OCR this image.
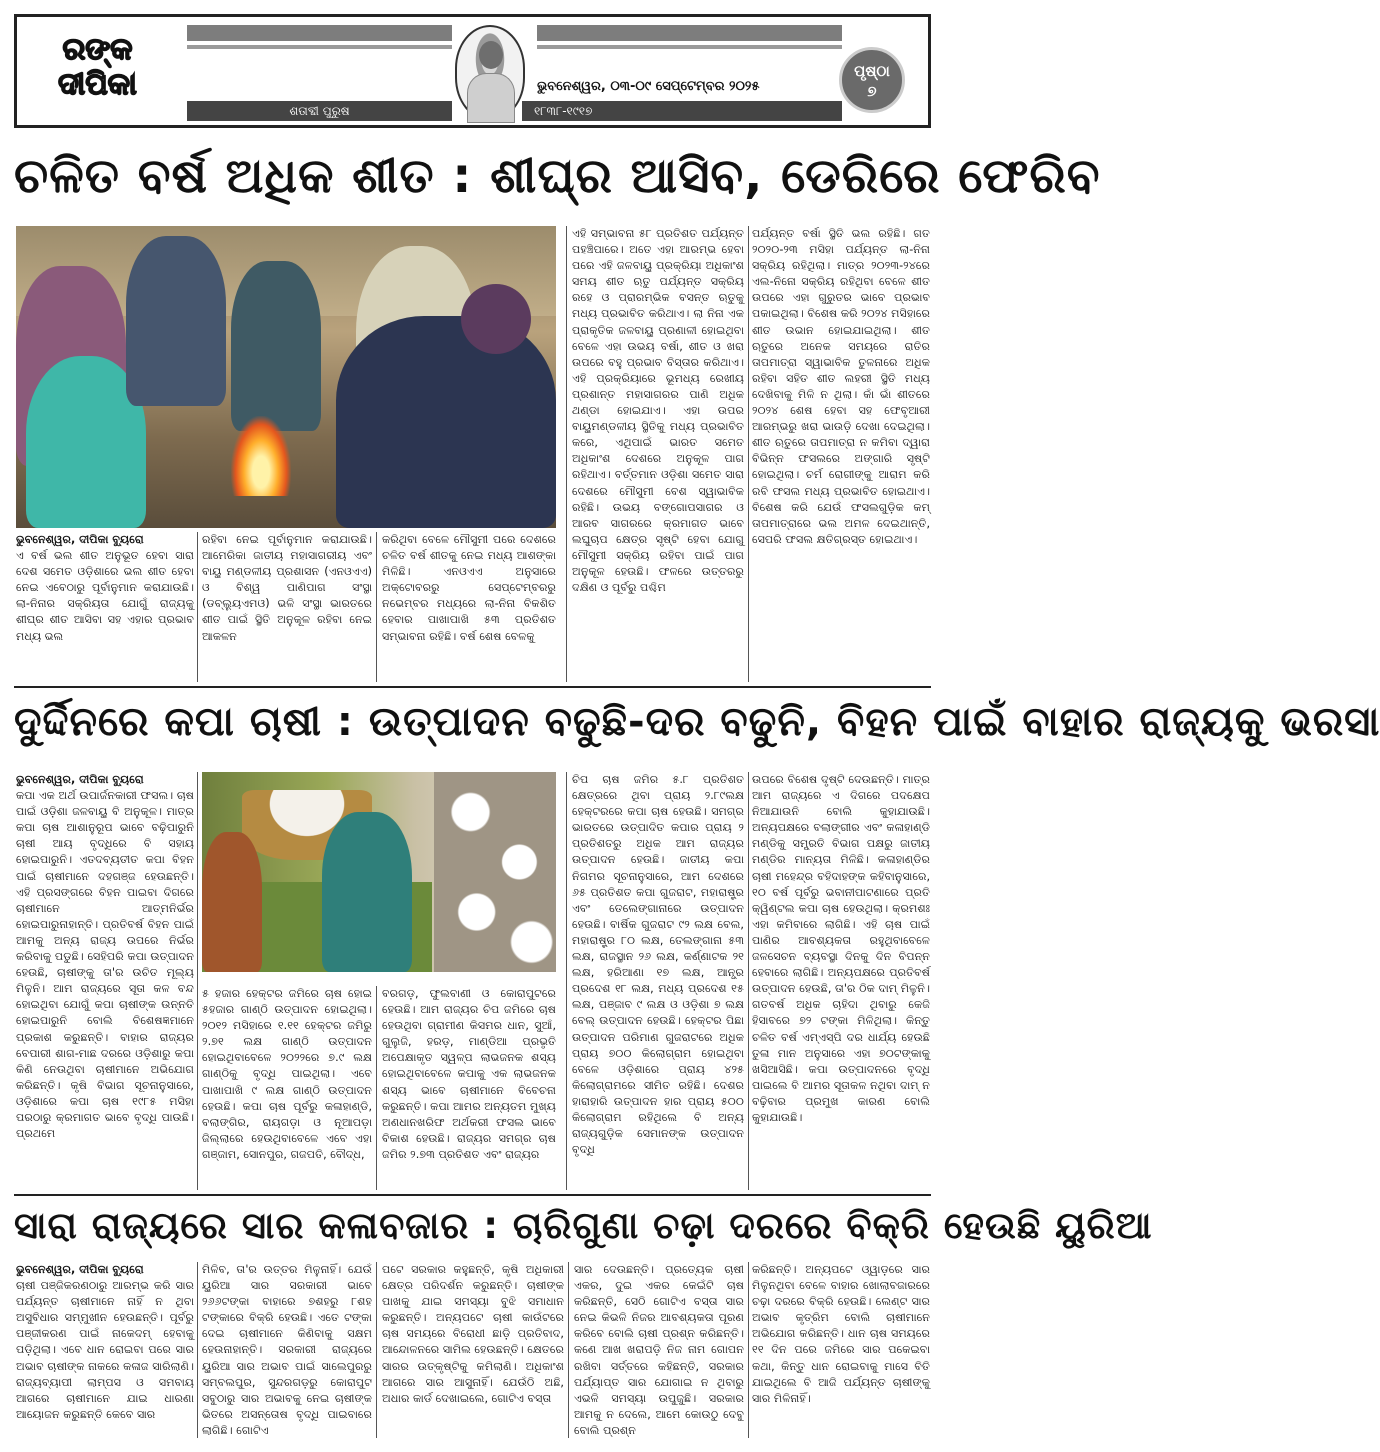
ରଙ୍କ
ଦୀପିକା	ଭୁବନେଶ୍ୱର, ୦୩-୦୯ ସେପ୍ଟେମ୍ବର ୨୦୨୫
ଶତାବ୍ଦୀ ପୁରୁଷ	୧୮୩୮-୧୯୧୭
ପୃଷ୍ଠା
୭
ଚଳିତ ବର୍ଷ ଅଧିକ ଶୀତ : ଶୀଘ୍ର ଆସିବ, ଡେରିରେ ଫେରିବ

ଭୁବନେଶ୍ୱର, ଦୀପିକା ବ୍ୟୁରୋ

ଏ ବର୍ଷ ଭଲ ଶୀତ ଅନୁଭୂତ ହେବା ସାରା ଦେଶ ସମେତ ଓଡ଼ିଶାରେ ଭଲ ଶୀତ ହେବା ନେଇ ଏବେଠାରୁ ପୂର୍ବାନୁମାନ କରାଯାଉଛି। ଲା-ନିନାର ସକ୍ରିୟତା ଯୋଗୁଁ ରାଜ୍ୟକୁ ଶୀଘ୍ର ଶୀତ ଆସିବା ସହ ଏହାର ପ୍ରଭାବ ମଧ୍ୟ ଭଲ

ରହିବା ନେଇ ପୂର୍ବାନୁମାନ କରାଯାଉଛି। ଆମେରିକା ଜାତୀୟ ମହାସାଗରୀୟ ଏବଂ ବାୟୁ ମଣ୍ଡଳୀୟ ପ୍ରଶାସନ (ଏନଓଏଏ) ଓ ବିଶ୍ୱ ପାଣିପାଗ ସଂସ୍ଥା (ଡବ୍ଲ୍ୟୁଏମଓ) ଭଳି ସଂସ୍ଥା ଭାରତରେ ଶୀତ ପାଇଁ ସ୍ଥିତି ଅନୁକୂଳ ରହିବା ନେଇ ଆକଳନ

କରିଥିବା ବେଳେ ମୌସୁମୀ ପରେ ଦେଶରେ ଚଳିତ ବର୍ଷ ଶୀତକୁ ନେଇ ମଧ୍ୟ ଆଶଙ୍କା ମିଳିଛି। ଏନଓଏଏ ଅନୁସାରେ ଅକ୍ଟୋବରରୁ ସେପ୍ଟେମ୍ବରରୁ ନଭେମ୍ବର ମଧ୍ୟରେ ଲା-ନିନା ବିକଶିତ ହେବାର ପାଖାପାଖି ୫୩ ପ୍ରତିଶତ ସମ୍ଭାବନା ରହିଛି। ବର୍ଷ ଶେଷ ବେଳକୁ

ଏହି ସମ୍ଭାବନା ୫୮ ପ୍ରତିଶତ ପର୍ଯ୍ୟନ୍ତ ପହଞ୍ଚିପାରେ। ଅତେ ଏହା ଆରମ୍ଭ ହେବା ପରେ ଏହି ଜଳବାୟୁ ପ୍ରକ୍ରିୟା ଅଧିକାଂଶ ସମୟ ଶୀତ ଋତୁ ପର୍ଯ୍ୟନ୍ତ ସକ୍ରିୟ ରହେ ଓ ପ୍ରାରମ୍ଭିକ ବସନ୍ତ ଋତୁକୁ ମଧ୍ୟ ପ୍ରଭାବିତ କରିଥାଏ। ଲା ନିନା ଏକ ପ୍ରାକୃତିକ ଜଳବାୟୁ ପ୍ରଣାଳୀ ହୋଇଥିବା ବେଳେ ଏହା ଉଭୟ ବର୍ଷା, ଶୀତ ଓ ଖରା ଉପରେ ବହୁ ପ୍ରଭାବ ବିସ୍ତାର କରିଥାଏ। ଏହି ପ୍ରକ୍ରିୟାରେ ଭୂମଧ୍ୟ ରେଖୀୟ ପ୍ରଶାନ୍ତ ମହାସାଗରର ପାଣି ଅଧିକ ଥଣ୍ଡା ହୋଇଯାଏ। ଏହା ଉପର ବାୟୁମଣ୍ଡଳୀୟ ସ୍ଥିତିକୁ ମଧ୍ୟ ପ୍ରଭାବିତ କରେ, ଏଥିପାଇଁ ଭାରତ ସମେତ ଅଧିକାଂଶ ଦେଶରେ ଅନୁକୂଳ ପାଗ ରହିଥାଏ। ବର୍ତ୍ତମାନ ଓଡ଼ିଶା ସମେତ ସାରା ଦେଶରେ ମୌସୁମୀ ବେଶ ସ୍ୱାଭାବିକ ରହିଛି। ଉଭୟ ବଙ୍ଗୋପସାଗର ଓ ଆରବ ସାଗରରେ କ୍ରମାଗତ ଭାବେ ଲଘୁଚାପ କ୍ଷେତ୍ର ସୃଷ୍ଟି ହେବା ଯୋଗୁ ମୌସୁମୀ ସକ୍ରିୟ ରହିବା ପାଇଁ ପାଗ ଅନୁକୂଳ ହେଉଛି। ଫଳରେ ଉତ୍ତରରୁ ଦକ୍ଷିଣ ଓ ପୂର୍ବରୁ ପଶ୍ଚିମ

ପର୍ଯ୍ୟନ୍ତ ବର୍ଷା ସ୍ଥିତି ଭଲ ରହିଛି। ଗତ ୨୦୨୦-୨୩ ମସିହା ପର୍ଯ୍ୟନ୍ତ ଲା-ନିନା ସକ୍ରିୟ ରହିଥିଲା। ମାତ୍ର ୨୦୨୩-୨୪ରେ ଏଲ-ନିନୋ ସକ୍ରିୟ ରହିଥିବା ବେଳେ ଶୀତ ଉପରେ ଏହା ଗୁରୁତର ଭାବେ ପ୍ରଭାବ ପକାଇଥିଲା। ବିଶେଷ କରି ୨୦୨୪ ମସିହାରେ ଶୀତ ଉଭାନ ହୋଇଯାଇଥିଲା। ଶୀତ ଋତୁରେ ଅନେକ ସମୟରେ ରାତିର ତାପମାତ୍ରା ସ୍ୱାଭାବିକ ତୁଳନାରେ ଅଧିକ ରହିବା ସହିତ ଶୀତ ଲହରୀ ସ୍ଥିତି ମଧ୍ୟ ଦେଖିବାକୁ ମିଳି ନ ଥିଲା। କାଁ ଭାଁ ଶୀତରେ ୨୦୨୪ ଶେଷ ହେବା ସହ ଫେବୃଆରୀ ଆରମ୍ଭରୁ ଖରା ଭାଉଡ଼ି ଦେଖା ଦେଇଥିଲା। ଶୀତ ଋତୁରେ ତାପମାତ୍ରା ନ କମିବା ଦ୍ୱାରା ବିଭିନ୍ନ ଫସଲରେ ଅଙ୍ଗାରି ସୃଷ୍ଟି ହୋଇଥିଲା। ଚର୍ମ ରୋଗୀଙ୍କୁ ଆରାମ କରି ରବି ଫସଲ ମଧ୍ୟ ପ୍ରଭାବିତ ହୋଇଥାଏ। ବିଶେଷ କରି ଯେଉଁ ଫସଲଗୁଡ଼ିକ କମ୍ ତାପମାତ୍ରାରେ ଭଲ ଅମଳ ଦେଇଥାନ୍ତି, ସେପରି ଫସଲ କ୍ଷତିଗ୍ରସ୍ତ ହୋଇଥାଏ।

ଦୁର୍ଦ୍ଦିନରେ କପା ଚାଷୀ : ଉତ୍ପାଦନ ବଢୁଛି-ଦର ବଢୁନି, ବିହନ ପାଇଁ ବାହାର ରାଜ୍ୟକୁ ଭରସା

ଭୁବନେଶ୍ୱର, ଦୀପିକା ବ୍ୟୁରୋ

କପା ଏକ ଅର୍ଥ ଉପାର୍ଜନକାରୀ ଫସଲ। ଚାଷ ପାଇଁ ଓଡ଼ିଶା ଜଳବାୟୁ ବି ଅନୁକୂଳ। ମାତ୍ର କପା ଚାଷ ଆଶାନୁରୂପ ଭାବେ ବଢ଼ିପାରୁନି ଚାଷୀ ଆୟ ବୃଦ୍ଧିରେ ବି ସହାୟ ହୋଇପାରୁନି। ଏତଦବ୍ୟତୀତ କପା ବିହନ ପାଇଁ ଚାଷୀମାନେ ଦହଗଞ୍ଜ ହେଉଛନ୍ତି। ଏହି ପ୍ରସଙ୍ଗରେ ବିହନ ପାଇବା ଦିଗରେ ଚାଷୀମାନେ ଆତ୍ମନିର୍ଭର ହୋଇପାରୁନାହାନ୍ତି। ପ୍ରତିବର୍ଷ ବିହନ ପାଇଁ ଆମକୁ ଅନ୍ୟ ରାଜ୍ୟ ଉପରେ ନିର୍ଭର କରିବାକୁ ପଡୁଛି। ସେହିପରି କପା ଉତ୍ପାଦନ ହେଉଛି, ଚାଷୀଙ୍କୁ ତା'ର ଉଚିତ ମୂଲ୍ୟ ମିଳୁନି। ଆମ ରାଜ୍ୟରେ ସୂତା କଳ ବନ୍ଦ ହୋଇଥିବା ଯୋଗୁଁ କପା ଚାଷୀଙ୍କ ଉନ୍ନତି ହୋଇପାରୁନି ବୋଲି ବିଶେଷଜ୍ଞମାନେ ପ୍ରକାଶ କରୁଛନ୍ତି। ବାହାର ରାଜ୍ୟର ବେପାରୀ ଶାଗ-ମାଛ ଦରରେ ଓଡ଼ିଶାରୁ କପା କିଣି ନେଉଥିବା ଚାଷୀମାନେ ଅଭିଯୋଗ କରିଛନ୍ତି। କୃଷି ବିଭାଗ ସୂଚନାନୁସାରେ, ଓଡ଼ିଶାରେ କପା ଚାଷ ୧୯୮୫ ମସିହା ପରଠାରୁ କ୍ରମାଗତ ଭାବେ ବୃଦ୍ଧି ପାଉଛି। ପ୍ରଥମେ

୫ ହଜାର ହେକ୍ଟର ଜମିରେ ଚାଷ ହୋଇ ୫ହଜାର ଗାଣ୍ଠି ଉତ୍ପାଦନ ହୋଇଥିଲା। ୨୦୧୨ ମସିହାରେ ୧.୧୧ ହେକ୍ଟର ଜମିରୁ ୨.୭୧ ଲକ୍ଷ ଗାଣ୍ଠି ଉତ୍ପାଦନ ହୋଇଥିବାବେଳେ ୨୦୨୨ରେ ୭.୯ ଲକ୍ଷ ଗାଣ୍ଠିକୁ ବୃଦ୍ଧି ପାଇଥିଲା। ଏବେ ପାଖାପାଖି ୯ ଲକ୍ଷ ଗାଣ୍ଠି ଉତ୍ପାଦନ ହେଉଛି। କପା ଚାଷ ପୂର୍ବରୁ କଳାହାଣ୍ଡି, ବଲାଙ୍ଗିର, ରାୟଗଡ଼ା ଓ ନୂଆପଡ଼ା ଜିଲ୍ଲାରେ ହେଉଥିବାବେଳେ ଏବେ ଏହା ଗଞ୍ଜାମ, ସୋନପୁର, ଗଜପତି, ବୌଦ୍ଧ,

ବରଗଡ଼, ଫୁଲବାଣୀ ଓ କୋରାପୁଟରେ ହେଉଛି। ଆମ ରାଜ୍ୟର ଚିପ ଜମିରେ ଚାଷ ହେଉଥିବା ଗ୍ରାମୀଣ କିସମର ଧାନ, ସୁଆଁ, ଗୁଲୁଜି, ହରଡ଼, ମାଣ୍ଡିଆ ପ୍ରଭୃତି ଅପେକ୍ଷାକୃତ ସ୍ୱଳ୍ପ ଲାଭଜନକ ଶସ୍ୟ ହୋଇଥିବାବେଳେ କପାକୁ ଏକ ଲାଭଜନକ ଶସ୍ୟ ଭାବେ ଚାଷୀମାନେ ବିବେଚନା କରୁଛନ୍ତି। କପା ଆମର ଅନ୍ୟତମ ମୁଖ୍ୟ ଅଣଧାନଖରିଫ ଅର୍ଥକରୀ ଫସଲ ଭାବେ ବିକାଶ ହେଉଛି। ରାଜ୍ୟର ସମଗ୍ର ଚାଷ ଜମିର ୨.୭୩ ପ୍ରତିଶତ ଏବଂ ରାଜ୍ୟର

ଚିପ ଚାଷ ଜମିର ୫.୮ ପ୍ରତିଶତ କ୍ଷେତ୍ରରେ ଥିବା ପ୍ରାୟ ୨.୮୯ଲକ୍ଷ ହେକ୍ଟରରେ କପା ଚାଷ ହେଉଛି। ସମଗ୍ର ଭାରତରେ ଉତ୍ପାଦିତ କପାର ପ୍ରାୟ ୨ ପ୍ରତିଶତରୁ ଅଧିକ ଆମ ରାଜ୍ୟର ଉତ୍ପାଦନ ହେଉଛି। ଜାତୀୟ କପା ନିଗମର ସୂଚନାନୁସାରେ, ଆମ ଦେଶରେ ୬୫ ପ୍ରତିଶତ କପା ଗୁଜରାଟ, ମହାରାଷ୍ଟ୍ର ଏବଂ ତେଲେଙ୍ଗାନାରେ ଉତ୍ପାଦନ ହେଉଛି। ବାର୍ଷିକ ଗୁଜରାଟ ୯୨ ଲକ୍ଷ ବେଲ, ମହାରାଷ୍ଟ୍ର ୮୦ ଲକ୍ଷ, ତେଲଙ୍ଗାନା ୫୩ ଲକ୍ଷ, ରାଜସ୍ଥାନ ୨୬ ଲକ୍ଷ, କର୍ଣ୍ଣାଟକ ୨୧ ଲକ୍ଷ, ହରିଆଣା ୧୭ ଲକ୍ଷ, ଆନ୍ଧ୍ର ପ୍ରଦେଶ ୧୮ ଲକ୍ଷ, ମଧ୍ୟ ପ୍ରଦେଶ ୧୫ ଲକ୍ଷ, ପଞ୍ଜାବ ୯ ଲକ୍ଷ ଓ ଓଡ଼ିଶା ୭ ଲକ୍ଷ ବେଲ୍ ଉତ୍ପାଦନ ହେଉଛି। ହେକ୍ଟର ପିଛା ଉତ୍ପାଦନ ପରିମାଣ ଗୁଜରାଟରେ ଅଧିକ ପ୍ରାୟ ୭୦୦ କିଲୋଗ୍ରାମ ହୋଇଥିବା ବେଳେ ଓଡ଼ିଶାରେ ପ୍ରାୟ ୪୨୫ କିଲୋଗ୍ରାମରେ ସୀମିତ ରହିଛି। ଦେଶର ହାରାହାରି ଉତ୍ପାଦନ ହାର ପ୍ରାୟ ୫୦୦ କିଲୋଗ୍ରାମ ରହିଥିଲେ ବି ଅନ୍ୟ ରାଜ୍ୟଗୁଡ଼ିକ ସେମାନଙ୍କ ଉତ୍ପାଦନ ବୃଦ୍ଧି

ଉପରେ ବିଶେଷ ଦୃଷ୍ଟି ଦେଉଛନ୍ତି। ମାତ୍ର ଆମ ରାଜ୍ୟରେ ଏ ଦିଗରେ ପଦକ୍ଷେପ ନିଆଯାଉନି ବୋଲି କୁହାଯାଉଛି। ଅନ୍ୟପକ୍ଷରେ ବଲାଙ୍ଗୀର ଏବଂ କଳାହାଣ୍ଡି ମଣ୍ଡିକୁ ସମ୍ପ୍ରତି ବିଭାଗ ପକ୍ଷରୁ ଜାତୀୟ ମଣ୍ଡିର ମାନ୍ୟତା ମିଳିଛି। କଳାହାଣ୍ଡିର ଚାଷୀ ମହେନ୍ଦ୍ର ବହିଦାହଙ୍କ କହିବାନୁସାରେ, ୧୦ ବର୍ଷ ପୂର୍ବରୁ ଭବାନୀପାଟଣାରେ ପ୍ରତି କ୍ୱିଣ୍ଟଲ କପା ଚାଷ ହେଉଥିଲା। କ୍ରମଶଃ ଏହା କମିବାରେ ଲାଗିଛି। ଏହି ଚାଷ ପାଇଁ ପାଣିର ଆବଶ୍ୟକତା ରହୁଥିବାବେଳେ ଜଳସେଚନ ବ୍ୟବସ୍ଥା ଦିନକୁ ଦିନ ବିପନ୍ନ ହେବାରେ ଲାଗିଛି। ଅନ୍ୟପକ୍ଷରେ ପ୍ରତିବର୍ଷ ଉତ୍ପାଦନ ହେଉଛି, ତା'ର ଠିକ ଦାମ୍ ମିଳୁନି। ଗତବର୍ଷ ଅଧିକ ଚାହିଦା ଥିବାରୁ କେଜି ହିସାବରେ ୭୨ ଟଙ୍କା ମିଳିଥିଲା। କିନ୍ତୁ ଚଳିତ ବର୍ଷ ଏମ୍ଏସ୍ପି ଦର ଧାର୍ଯ୍ୟ ହେଉଛି ତୁଳା ମାନ ଅନୁସାରେ ଏହା ୭୦ଟଙ୍କାକୁ ଖସିଆସିଛି। କପା ଉତ୍ପାଦନରେ ବୃଦ୍ଧି ପାଇଲେ ବି ଆମର ସୂତାକଳ ନଥିବା ଦାମ୍ ନ ବଢ଼ିବାର ପ୍ରମୁଖ କାରଣ ବୋଲି କୁହାଯାଉଛି।

ସାରା ରାଜ୍ୟରେ ସାର କଳାବଜାର : ଚାରିଗୁଣା ଚଢ଼ା ଦରରେ ବିକ୍ରି ହେଉଛି ୟୁରିଆ

ଭୁବନେଶ୍ୱର, ଦୀପିକା ବ୍ୟୁରୋ

ଚାଷୀ ପଞ୍ଜିକରଣଠାରୁ ଆରମ୍ଭ କରି ସାର ପର୍ଯ୍ୟନ୍ତ ଚାଷୀମାନେ ନାହିଁ ନ ଥିବା ଅସୁବିଧାର ସମ୍ମୁଖୀନ ହେଉଛନ୍ତି। ପୂର୍ବରୁ ପଞ୍ଜୀକରଣ ପାଇଁ ନାକେଦମ୍ ହେବାକୁ ପଡ଼ିଥିଲା। ଏବେ ଧାନ ରୋଇବା ପରେ ସାର ଅଭାବ ଚାଷୀଙ୍କ ନାକରେ କଳାଜ ସାରିଲାଣି। ରାଜ୍ୟବ୍ୟାପୀ ଲାମ୍ପସ ଓ ସମବାୟ ଆଗରେ ଚାଷୀମାନେ ଯାଇ ଧାରଣା ଆୟୋଜନ କରୁଛନ୍ତି କେବେ ସାର

ମିଳିବ, ତା'ର ଉତ୍ତର ମିଳୁନାହିଁ। ଯେଉଁ ୟୁରିଆ ସାର ସରକାରୀ ଭାବେ ୨୬୬ଟଙ୍କା ବାହାରେ ୭ଶହରୁ ୮ଶହ ଟଙ୍କାରେ ବିକ୍ରି ହେଉଛି। ଏତେ ଟଙ୍କା ଦେଇ ଚାଷୀମାନେ କିଣିବାକୁ ସକ୍ଷମ ହେଉନାହାନ୍ତି। ସରକାରୀ ରାଜ୍ୟରେ ୟୁରିଆ ସାର ଅଭାବ ପାଇଁ ସାଲେପୁରରୁ ସମ୍ବଲପୁର, ସୁନ୍ଦରଗଡ଼ରୁ କୋରାପୁଟ ସବୁଠାରୁ ସାର ଅଭାବକୁ ନେଇ ଚାଷୀଙ୍କ ଭିତରେ ଅସନ୍ତୋଷ ବୃଦ୍ଧି ପାଇବାରେ ଲାଗିଛି। ଗୋଟିଏ

ପଟେ ସରକାର କହୁଛନ୍ତି, କୃଷି ଅଧିକାରୀ କ୍ଷେତ୍ର ପରିଦର୍ଶନ କରୁଛନ୍ତି। ଚାଷୀଙ୍କ ପାଖକୁ ଯାଇ ସମସ୍ୟା ବୁଝି ସମାଧାନ କରୁଛନ୍ତି। ଅନ୍ୟପଟେ ଚାଷୀ କାଉଁଟରେ ଚାଷ ସମୟରେ ବିରୋଧୀ ଛାଡ଼ି ପ୍ରତିବାଦ, ଆନ୍ଦୋଳନରେ ସାମିଲ ହେଉଛନ୍ତି। କ୍ଷେତରେ ସାରର ଉତ୍କୃଷ୍ଟିକୁ କମିଲାଣି। ଅଧିକାଂଶ ଆଗରେ ସାର ଆସୁନାହିଁ। ଯେଉଁଠି ଅଛି, ଅଧାର କାର୍ଡ ଦେଖାଇଲେ, ଗୋଟିଏ ବସ୍ତା

ସାର ଦେଉଛନ୍ତି। ପ୍ରତ୍ୟେକ ଚାଷୀ ଏକର, ଦୁଇ ଏକର କେଇଁଟି ଚାଷ କରିଛନ୍ତି, ସେଠି ଗୋଟିଏ ବସ୍ତା ସାର ନେଇ କିଭଳି ନିଜର ଆବଶ୍ୟକତା ପୂରଣ କରିବେ ବୋଲି ଚାଷୀ ପ୍ରଶ୍ନ କରିଛନ୍ତି। କଣେ ଆଖ ଖରାପଡ଼ି ନିଜ ନାମ ଗୋପନ ରଖିବା ସର୍ତ୍ତରେ କହିଛନ୍ତି, ସରକାର ପର୍ଯ୍ୟାପ୍ତ ସାର ଯୋଗାଇ ନ ଥିବାରୁ ଏଭଳି ସମସ୍ୟା ଉପୁଜୁଛି। ସରକାର ଆମକୁ ନ ଦେଲେ, ଆମେ କୋଉଠୁ ଦେବୁ ବୋଲି ପ୍ରଶ୍ନ

କରିଛନ୍ତି। ଅନ୍ୟପଟେ ଓ୍ୱାଡ଼ରେ ସାର ମିଳୁନଥିବା ବେଳେ ବାହାର ଖୋଲାବଜାରରେ ଚଢ଼ା ଦରରେ ବିକ୍ରି ହେଉଛି। ଲେଣ୍ଟ ସାର ଅଭାବ କୃତ୍ରିମ ବୋଲି ଚାଷୀମାନେ ଅଭିଯୋଗ କରିଛନ୍ତି। ଧାନ ଚାଷ ସମୟରେ ୧୧ ଦିନ ପରେ ଜମିରେ ସାର ପକେଇବା କଥା, କିନ୍ତୁ ଧାନ ରୋଇବାକୁ ମାସେ ବିତି ଯାଇଥିଲେ ବି ଆଜି ପର୍ଯ୍ୟନ୍ତ ଚାଷୀଙ୍କୁ ସାର ମିଳିନାହିଁ।
